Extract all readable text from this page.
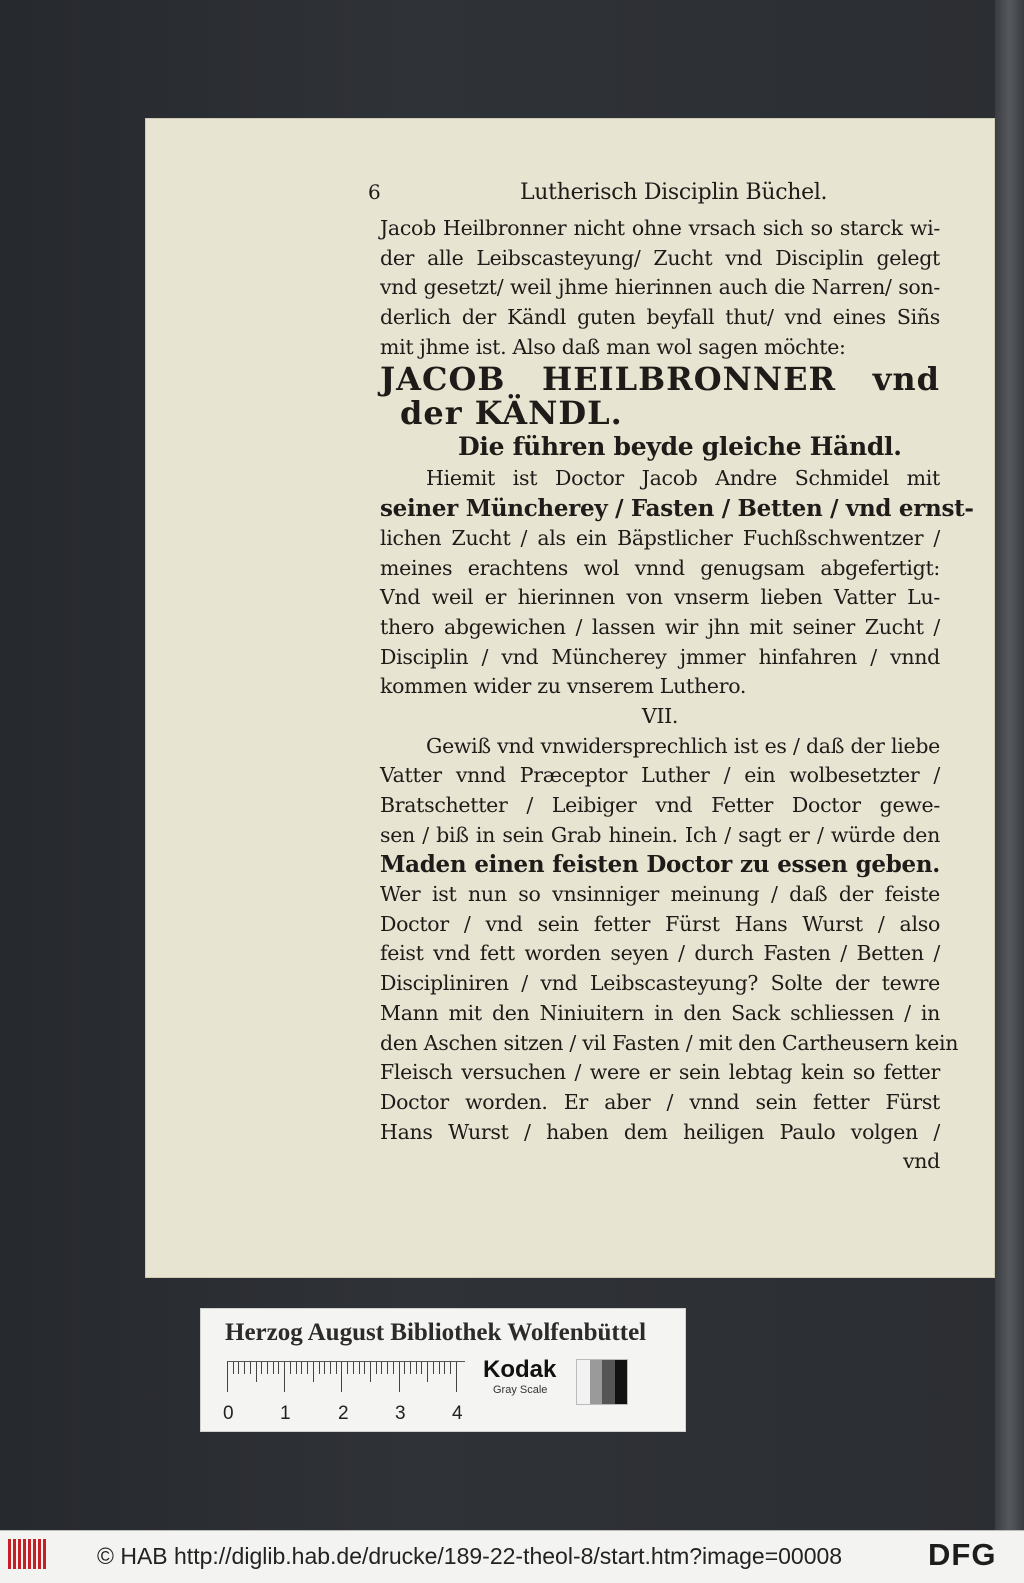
6	Lutherisch Disciplin Büchel.
Jacob Heilbronner nicht ohne vrsach sich so starck wi-
der alle Leibscasteyung/ Zucht vnd Disciplin gelegt
vnd gesetzt/ weil jhme hierinnen auch die Narren/ son-
derlich der Kändl guten beyfall thut/ vnd eines Siñs
mit jhme ist. Also daß man wol sagen möchte:
JACOB HEILBRONNER vnd
der KÄNDL.
Die führen beyde gleiche Händl.
Hiemit ist Doctor Jacob Andre Schmidel mit
seiner Müncherey / Fasten / Betten / vnd ernst-
lichen Zucht / als ein Bäpstlicher Fuchßschwentzer /
meines erachtens wol vnnd genugsam abgefertigt:
Vnd weil er hierinnen von vnserm lieben Vatter Lu-
thero abgewichen / lassen wir jhn mit seiner Zucht /
Disciplin / vnd Müncherey jmmer hinfahren / vnnd
kommen wider zu vnserem Luthero.
VII.
Gewiß vnd vnwidersprechlich ist es / daß der liebe
Vatter vnnd Præceptor Luther / ein wolbesetzter /
Bratschetter / Leibiger vnd Fetter Doctor gewe-
sen / biß in sein Grab hinein. Ich / sagt er / würde den
Maden einen feisten Doctor zu essen geben.
Wer ist nun so vnsinniger meinung / daß der feiste
Doctor / vnd sein fetter Fürst Hans Wurst / also
feist vnd fett worden seyen / durch Fasten / Betten /
Discipliniren / vnd Leibscasteyung? Solte der tewre
Mann mit den Niniuitern in den Sack schliessen / in
den Aschen sitzen / vil Fasten / mit den Cartheusern kein
Fleisch versuchen / were er sein lebtag kein so fetter
Doctor worden. Er aber / vnnd sein fetter Fürst
Hans Wurst / haben dem heiligen Paulo volgen /
vnd
Herzog August Bibliothek Wolfenbüttel
0 1 2 3 4
Kodak
Gray Scale
© HAB http://diglib.hab.de/drucke/189-22-theol-8/start.htm?image=00008	DFG
